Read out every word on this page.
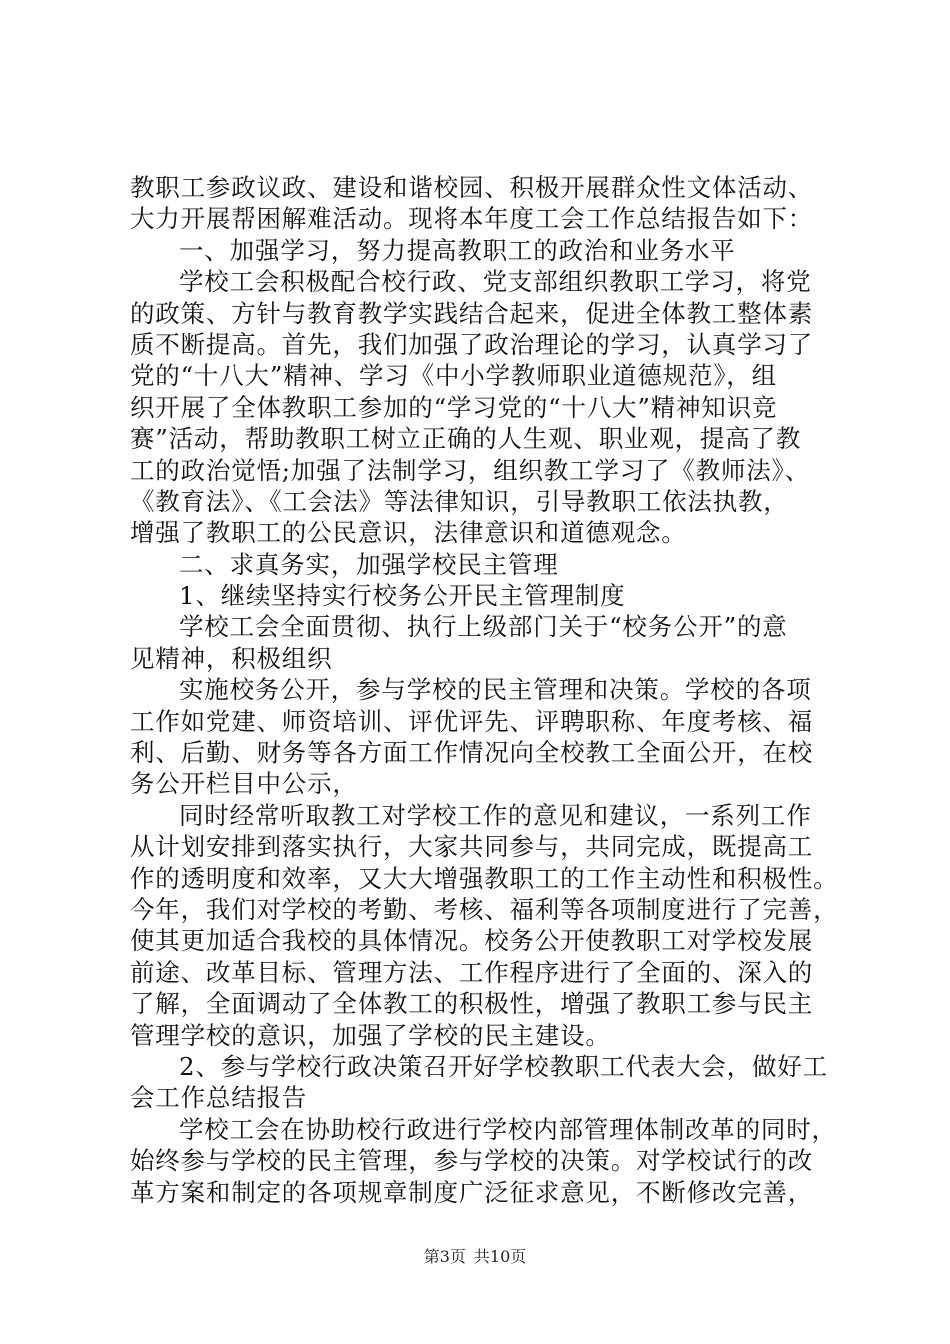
教职工参政议政、建设和谐校园、积极开展群众性文体活动、
大力开展帮困解难活动。现将本年度工会工作总结报告如下：
一、加强学习，努力提高教职工的政治和业务水平
学校工会积极配合校行政、党支部组织教职工学习，将党
的政策、方针与教育教学实践结合起来，促进全体教工整体素
质不断提高。首先，我们加强了政治理论的学习，认真学习了
党的“十八大”精神、学习《中小学教师职业道德规范》，组
织开展了全体教职工参加的“学习党的“十八大”精神知识竞
赛”活动，帮助教职工树立正确的人生观、职业观，提高了教
工的政治觉悟;加强了法制学习，组织教工学习了《教师法》、
《教育法》、《工会法》等法律知识，引导教职工依法执教，
增强了教职工的公民意识，法律意识和道德观念。
二、求真务实，加强学校民主管理
1、继续坚持实行校务公开民主管理制度
学校工会全面贯彻、执行上级部门关于“校务公开”的意
见精神，积极组织
实施校务公开，参与学校的民主管理和决策。学校的各项
工作如党建、师资培训、评优评先、评聘职称、年度考核、福
利、后勤、财务等各方面工作情况向全校教工全面公开，在校
务公开栏目中公示，
同时经常听取教工对学校工作的意见和建议，一系列工作
从计划安排到落实执行，大家共同参与，共同完成，既提高工
作的透明度和效率，又大大增强教职工的工作主动性和积极性。
今年，我们对学校的考勤、考核、福利等各项制度进行了完善，
使其更加适合我校的具体情况。校务公开使教职工对学校发展
前途、改革目标、管理方法、工作程序进行了全面的、深入的
了解，全面调动了全体教工的积极性，增强了教职工参与民主
管理学校的意识，加强了学校的民主建设。
2、参与学校行政决策召开好学校教职工代表大会，做好工
会工作总结报告
学校工会在协助校行政进行学校内部管理体制改革的同时，
始终参与学校的民主管理，参与学校的决策。对学校试行的改
革方案和制定的各项规章制度广泛征求意见，不断修改完善，
第3页 共10页
